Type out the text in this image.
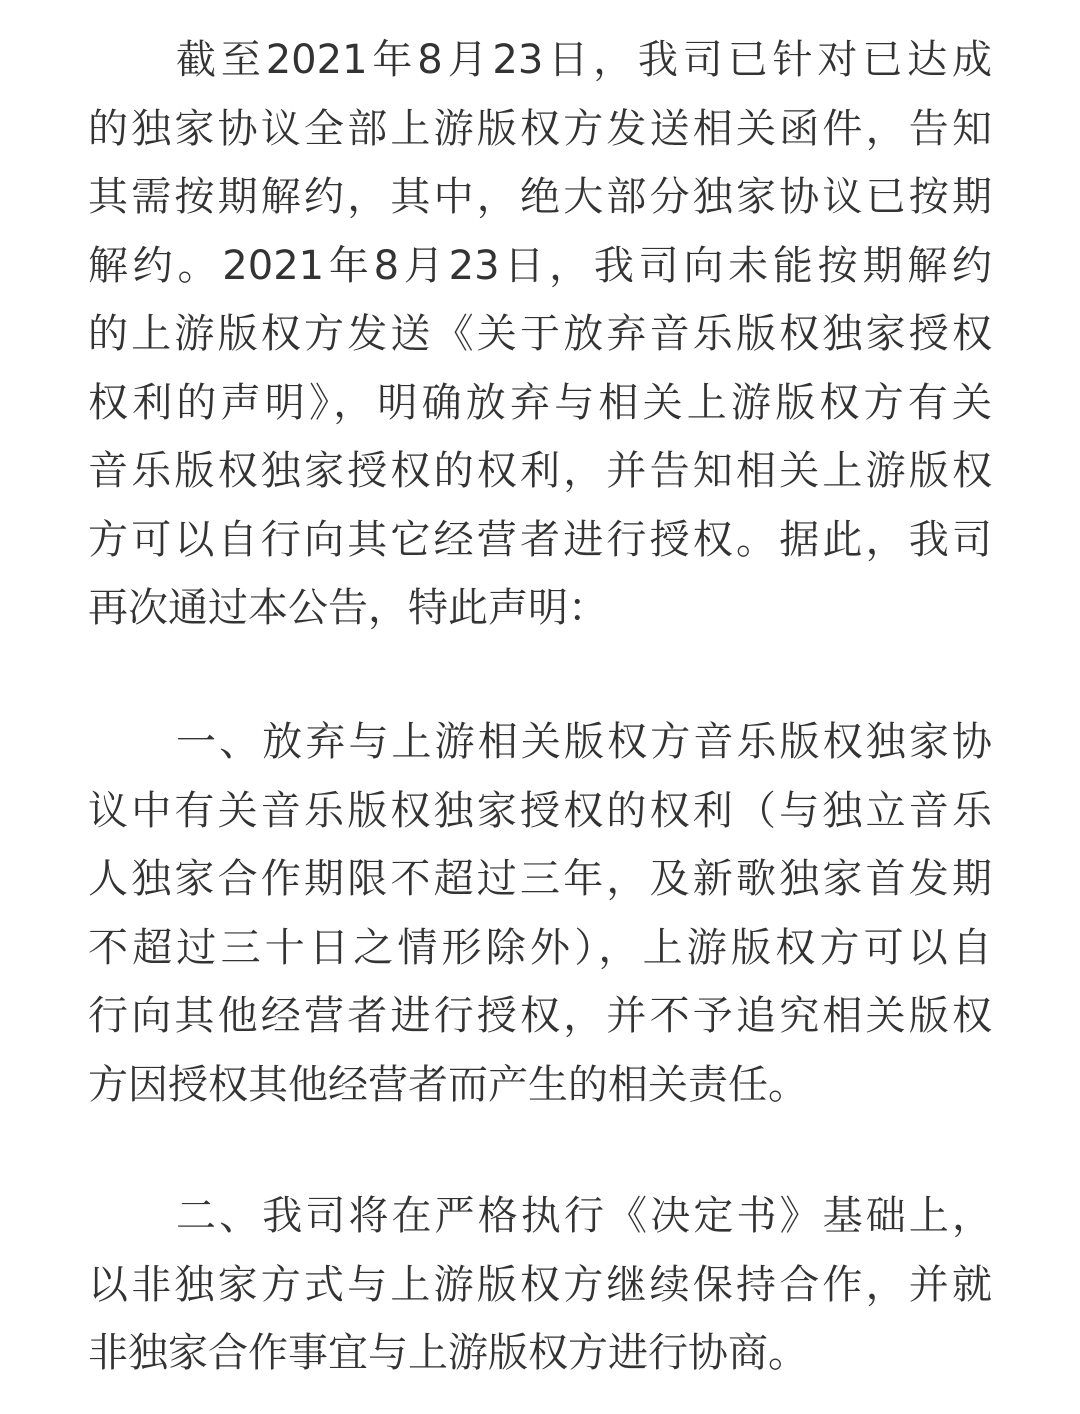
截至2021年8月23日，我司已针对已达成
的独家协议全部上游版权方发送相关函件，告知
其需按期解约，其中，绝大部分独家协议已按期
解约。2021年8月23日，我司向未能按期解约
的上游版权方发送《关于放弃音乐版权独家授权
权利的声明》，明确放弃与相关上游版权方有关
音乐版权独家授权的权利，并告知相关上游版权
方可以自行向其它经营者进行授权。据此，我司
再次通过本公告，特此声明：
一、放弃与上游相关版权方音乐版权独家协
议中有关音乐版权独家授权的权利（与独立音乐
人独家合作期限不超过三年，及新歌独家首发期
不超过三十日之情形除外），上游版权方可以自
行向其他经营者进行授权，并不予追究相关版权
方因授权其他经营者而产生的相关责任。
二、我司将在严格执行《决定书》基础上，
以非独家方式与上游版权方继续保持合作，并就
非独家合作事宜与上游版权方进行协商。
